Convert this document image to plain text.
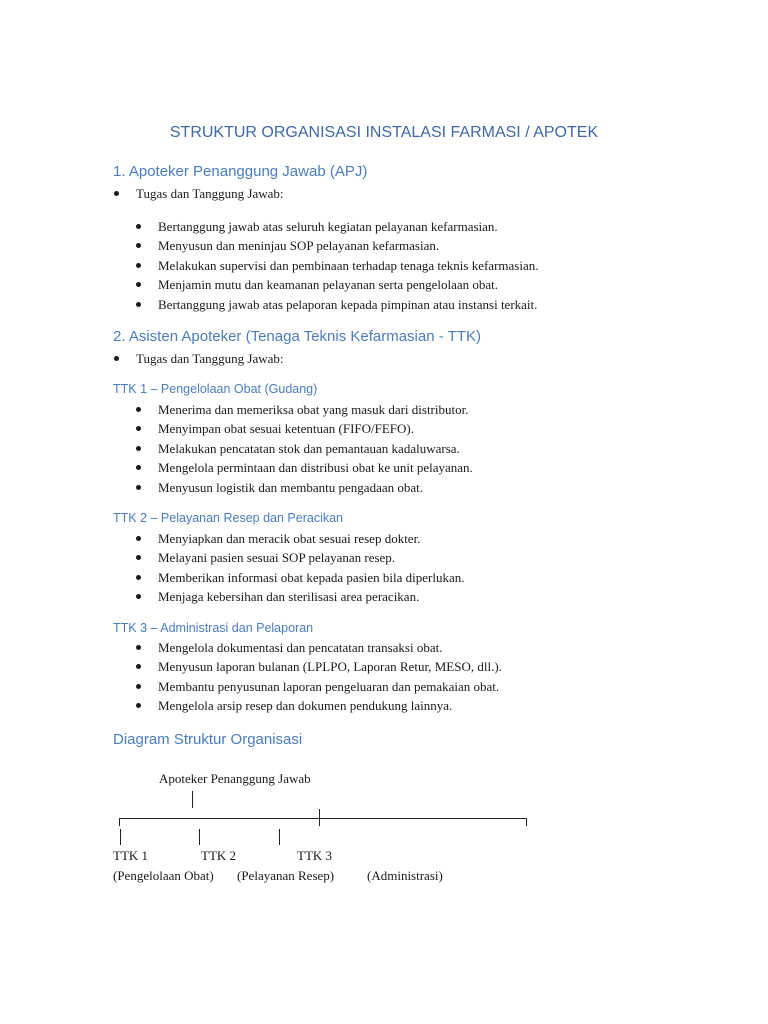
STRUKTUR ORGANISASI INSTALASI FARMASI / APOTEK
1. Apoteker Penanggung Jawab (APJ)
Tugas dan Tanggung Jawab:
Bertanggung jawab atas seluruh kegiatan pelayanan kefarmasian.
Menyusun dan meninjau SOP pelayanan kefarmasian.
Melakukan supervisi dan pembinaan terhadap tenaga teknis kefarmasian.
Menjamin mutu dan keamanan pelayanan serta pengelolaan obat.
Bertanggung jawab atas pelaporan kepada pimpinan atau instansi terkait.
2. Asisten Apoteker (Tenaga Teknis Kefarmasian - TTK)
Tugas dan Tanggung Jawab:
TTK 1 – Pengelolaan Obat (Gudang)
Menerima dan memeriksa obat yang masuk dari distributor.
Menyimpan obat sesuai ketentuan (FIFO/FEFO).
Melakukan pencatatan stok dan pemantauan kadaluwarsa.
Mengelola permintaan dan distribusi obat ke unit pelayanan.
Menyusun logistik dan membantu pengadaan obat.
TTK 2 – Pelayanan Resep dan Peracikan
Menyiapkan dan meracik obat sesuai resep dokter.
Melayani pasien sesuai SOP pelayanan resep.
Memberikan informasi obat kepada pasien bila diperlukan.
Menjaga kebersihan dan sterilisasi area peracikan.
TTK 3 – Administrasi dan Pelaporan
Mengelola dokumentasi dan pencatatan transaksi obat.
Menyusun laporan bulanan (LPLPO, Laporan Retur, MESO, dll.).
Membantu penyusunan laporan pengeluaran dan pemakaian obat.
Mengelola arsip resep dan dokumen pendukung lainnya.
Diagram Struktur Organisasi
Apoteker Penanggung Jawab
TTK 1	TTK 2	TTK 3
(Pengelolaan Obat) (Pelayanan Resep)	(Administrasi)
